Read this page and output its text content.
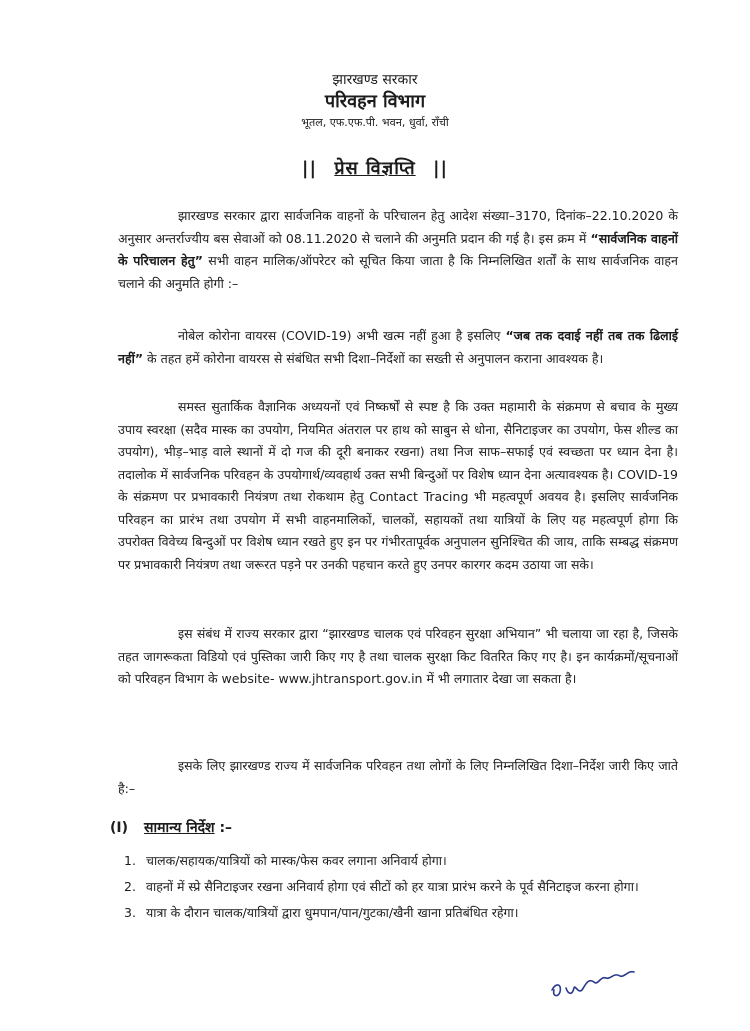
झारखण्ड सरकार
परिवहन विभाग
भूतल, एफ.एफ.पी. भवन, धुर्वा, राँची
|| प्रेस विज्ञप्ति ||
झारखण्ड सरकार द्वारा सार्वजनिक वाहनों के परिचालन हेतु आदेश संख्या–3170, दिनांक–22.10.2020 के अनुसार अन्तर्राज्यीय बस सेवाओं को 08.11.2020 से चलाने की अनुमति प्रदान की गई है। इस क्रम में “सार्वजनिक वाहनों के परिचालन हेतु” सभी वाहन मालिक/ऑपरेटर को सूचित किया जाता है कि निम्नलिखित शर्तों के साथ सार्वजनिक वाहन चलाने की अनुमति होगी :–
नोबेल कोरोना वायरस (COVID-19) अभी खत्म नहीं हुआ है इसलिए “जब तक दवाई नहीं तब तक ढिलाई नहीं” के तहत हमें कोरोना वायरस से संबंधित सभी दिशा–निर्देशों का सख्ती से अनुपालन कराना आवश्यक है।
समस्त सुतार्किक वैज्ञानिक अध्ययनों एवं निष्कर्षों से स्पष्ट है कि उक्त महामारी के संक्रमण से बचाव के मुख्य उपाय स्वरक्षा (सदैव मास्क का उपयोग, नियमित अंतराल पर हाथ को साबुन से धोना, सैनिटाइजर का उपयोग, फेस शील्ड का उपयोग), भीड़–भाड़ वाले स्थानों में दो गज की दूरी बनाकर रखना) तथा निज साफ–सफाई एवं स्वच्छता पर ध्यान देना है। तदालोक में सार्वजनिक परिवहन के उपयोगार्थ/व्यवहार्थ उक्त सभी बिन्दुओं पर विशेष ध्यान देना अत्यावश्यक है। COVID-19 के संक्रमण पर प्रभावकारी नियंत्रण तथा रोकथाम हेतु Contact Tracing भी महत्वपूर्ण अवयव है। इसलिए सार्वजनिक परिवहन का प्रारंभ तथा उपयोग में सभी वाहनमालिकों, चालकों, सहायकों तथा यात्रियों के लिए यह महत्वपूर्ण होगा कि उपरोक्त विवेच्य बिन्दुओं पर विशेष ध्यान रखते हुए इन पर गंभीरतापूर्वक अनुपालन सुनिश्चित की जाय, ताकि सम्बद्ध संक्रमण पर प्रभावकारी नियंत्रण तथा जरूरत पड़ने पर उनकी पहचान करते हुए उनपर कारगर कदम उठाया जा सके।
इस संबंध में राज्य सरकार द्वारा “झारखण्ड चालक एवं परिवहन सुरक्षा अभियान” भी चलाया जा रहा है, जिसके तहत जागरूकता विडियो एवं पुस्तिका जारी किए गए है तथा चालक सुरक्षा किट वितरित किए गए है। इन कार्यक्रमों/सूचनाओं को परिवहन विभाग के website- www.jhtransport.gov.in में भी लगातार देखा जा सकता है।
इसके लिए झारखण्ड राज्य में सार्वजनिक परिवहन तथा लोगों के लिए निम्नलिखित दिशा–निर्देश जारी किए जाते है:–
(I) सामान्य निर्देश :–
1. चालक/सहायक/यात्रियों को मास्क/फेस कवर लगाना अनिवार्य होगा।
2. वाहनों में स्प्रे सैनिटाइजर रखना अनिवार्य होगा एवं सीटों को हर यात्रा प्रारंभ करने के पूर्व सैनिटाइज करना होगा।
3. यात्रा के दौरान चालक/यात्रियों द्वारा धुमपान/पान/गुटका/खैनी खाना प्रतिबंधित रहेगा।
